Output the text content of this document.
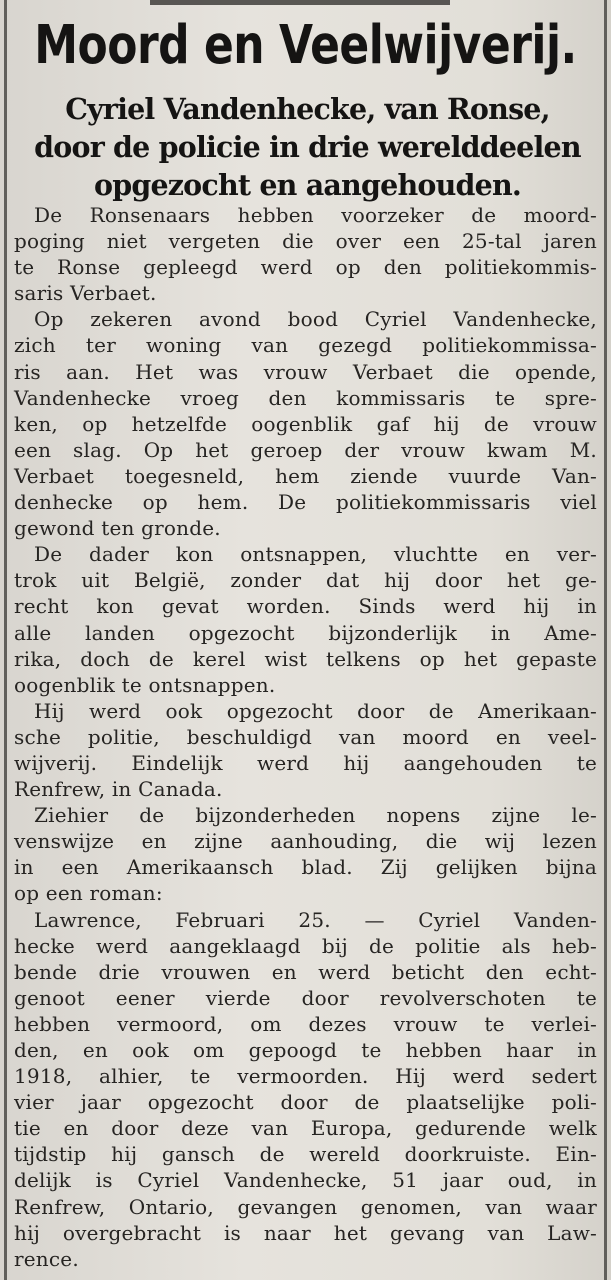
Moord en Veelwijverij.
Cyriel Vandenhecke, van Ronse,
door de policie in drie werelddeelen
opgezocht en aangehouden.
De Ronsenaars hebben voorzeker de moord-
poging niet vergeten die over een 25-tal jaren
te Ronse gepleegd werd op den politiekommis-
saris Verbaet.
Op zekeren avond bood Cyriel Vandenhecke,
zich ter woning van gezegd politiekommissa-
ris aan. Het was vrouw Verbaet die opende,
Vandenhecke vroeg den kommissaris te spre-
ken, op hetzelfde oogenblik gaf hij de vrouw
een slag. Op het geroep der vrouw kwam M.
Verbaet toegesneld, hem ziende vuurde Van-
denhecke op hem. De politiekommissaris viel
gewond ten gronde.
De dader kon ontsnappen, vluchtte en ver-
trok uit België, zonder dat hij door het ge-
recht kon gevat worden. Sinds werd hij in
alle landen opgezocht bijzonderlijk in Ame-
rika, doch de kerel wist telkens op het gepaste
oogenblik te ontsnappen.
Hij werd ook opgezocht door de Amerikaan-
sche politie, beschuldigd van moord en veel-
wijverij. Eindelijk werd hij aangehouden te
Renfrew, in Canada.
Ziehier de bijzonderheden nopens zijne le-
venswijze en zijne aanhouding, die wij lezen
in een Amerikaansch blad. Zij gelijken bijna
op een roman:
Lawrence, Februari 25. — Cyriel Vanden-
hecke werd aangeklaagd bij de politie als heb-
bende drie vrouwen en werd beticht den echt-
genoot eener vierde door revolverschoten te
hebben vermoord, om dezes vrouw te verlei-
den, en ook om gepoogd te hebben haar in
1918, alhier, te vermoorden. Hij werd sedert
vier jaar opgezocht door de plaatselijke poli-
tie en door deze van Europa, gedurende welk
tijdstip hij gansch de wereld doorkruiste. Ein-
delijk is Cyriel Vandenhecke, 51 jaar oud, in
Renfrew, Ontario, gevangen genomen, van waar
hij overgebracht is naar het gevang van Law-
rence.
